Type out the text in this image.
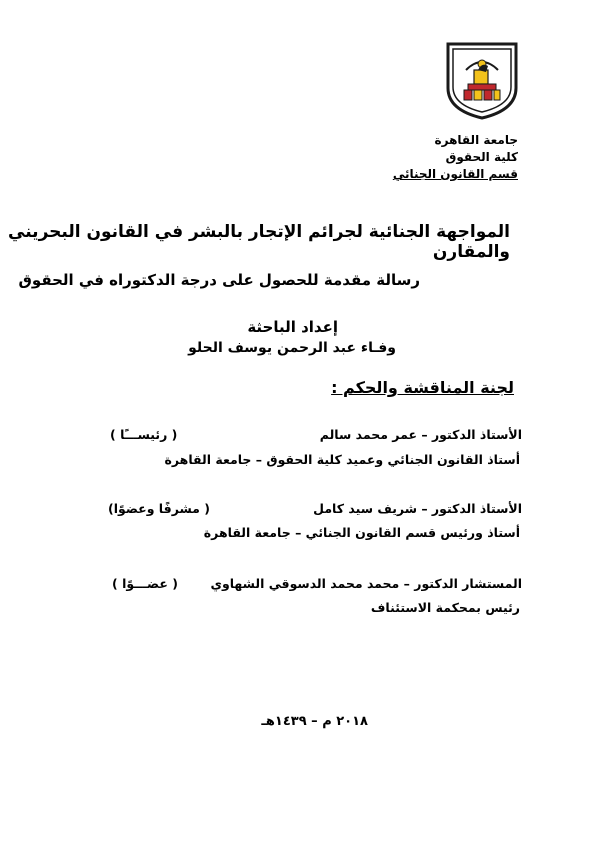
جامعة القاهرة
كلية الحقوق
قسم القانون الجنائي
المواجهة الجنائية لجرائم الإتجار بالبشر في القانون البحريني والمقارن
رسالة مقدمة للحصول على درجة الدكتوراه في الحقوق
إعداد الباحثة
وفـاء عبد الرحمن يوسف الحلو
لجنة المناقشة والحكم :
الأستاذ الدكتور – عمر محمد سالم
( رئيســـًا )
أستاذ القانون الجنائي وعميد كلية الحقوق – جامعة القاهرة
الأستاذ الدكتور – شريف سيد كامل
( مشرفًا وعضوًا)
أستاذ ورئيس قسم القانون الجنائي – جامعة القاهرة
المستشار الدكتور – محمد محمد الدسوقي الشهاوي
( عضـــوًا )
رئيس بمحكمة الاستئناف
٢٠١٨ م – ١٤٣٩هـ
